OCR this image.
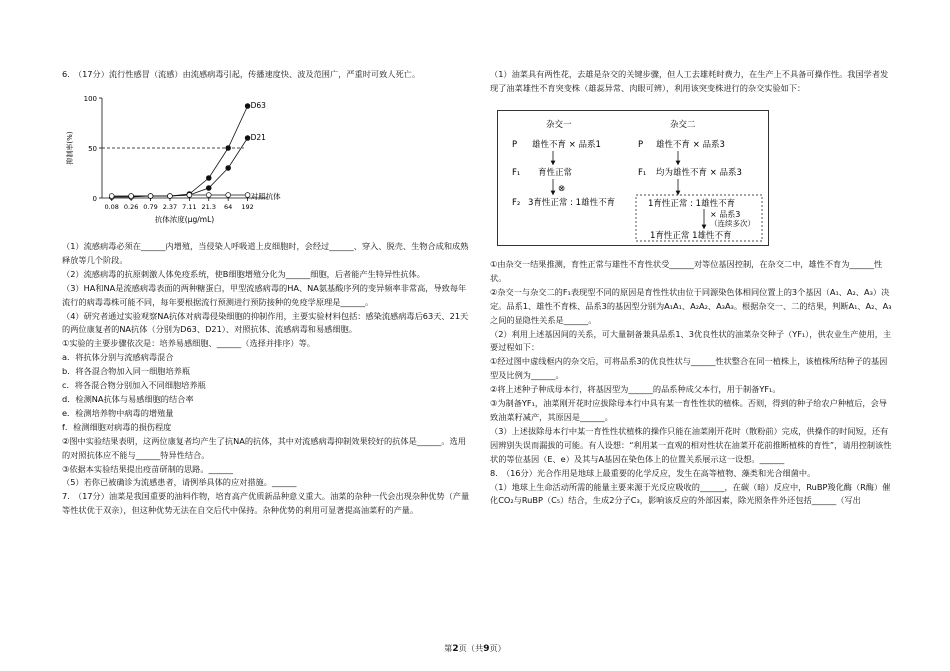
6.　（17分）流行性感冒（流感）由流感病毒引起，传播速度快、波及范围广，严重时可致人死亡。

100
50
0
0.08 0.26 0.79 2.37 7.11 21.3 64 192
抑制率(%)
抗体浓度(μg/mL)
D63
D21
对照抗体

（1）流感病毒必须在______内增殖，当侵染人呼吸道上皮细胞时，会经过______、穿入、脱壳、生物合成和成熟释放等几个阶段。

（2）流感病毒的抗原刺激人体免疫系统，使B细胞增殖分化为______细胞，后者能产生特异性抗体。

（3）HA和NA是流感病毒表面的两种糖蛋白，甲型流感病毒的HA、NA氨基酸序列的变异频率非常高，导致每年流行的病毒毒株可能不同，每年要根据流行预测进行预防接种的免疫学原理是______。

（4）研究者通过实验观察NA抗体对病毒侵染细胞的抑制作用，主要实验材料包括：感染流感病毒后63天、21天的两位康复者的NA抗体（分别为D63、D21）、对照抗体、流感病毒和易感细胞。

①实验的主要步骤依次是：培养易感细胞、______（选择并排序）等。

a．将抗体分别与流感病毒混合

b．将各混合物加入同一细胞培养瓶

c．将各混合物分别加入不同细胞培养瓶

d．检测NA抗体与易感细胞的结合率

e．检测培养物中病毒的增殖量

f．检测细胞对病毒的损伤程度

②图中实验结果表明，这两位康复者均产生了抗NA的抗体，其中对流感病毒抑制效果较好的抗体是______。选用的对照抗体应不能与______特异性结合。

③依据本实验结果提出疫苗研制的思路。______

（5）若你已被确诊为流感患者，请例举具体的应对措施。______

7.　（17分）油菜是我国重要的油料作物，培育高产优质新品种意义重大。油菜的杂种一代会出现杂种优势（产量等性状优于双亲），但这种优势无法在自交后代中保持。杂种优势的利用可显著提高油菜籽的产量。

（1）油菜具有两性花，去雄是杂交的关键步骤，但人工去雄耗时费力，在生产上不具备可操作性。我国学者发现了油菜雄性不育突变株（雄蕊异常、肉眼可辨），利用该突变株进行的杂交实验如下：

杂交一	杂交二
P	P
雄性不育 × 品系1	雄性不育 × 品系3
F₁	F₁
育性正常	均为雄性不育 × 品系3
⊗
F₂ 3育性正常 : 1雄性不育	1育性正常 : 1雄性不育
× 品系3
（连续多次）
1育性正常 1雄性不育

①由杂交一结果推测，育性正常与雄性不育性状受______对等位基因控制，在杂交二中，雄性不育为______性状。

②杂交一与杂交二的F₁表现型不同的原因是育性性状由位于同源染色体相同位置上的3个基因（A₁、A₂、A₃）决定。品系1、雄性不育株、品系3的基因型分别为A₁A₁、A₂A₂、A₃A₃。根据杂交一、二的结果，判断A₁、A₂、A₃之间的显隐性关系是______。

（2）利用上述基因间的关系，可大量制备兼具品系1、3优良性状的油菜杂交种子（YF₁），供农业生产使用，主要过程如下：

①经过图中虚线框内的杂交后，可将品系3的优良性状与______性状整合在同一植株上，该植株所结种子的基因型及比例为______。

②将上述种子种成母本行，将基因型为______的品系种成父本行，用于制备YF₁。

③为制备YF₁，油菜刚开花时应拔除母本行中具有某一育性性状的植株。否则，得到的种子给农户种植后，会导致油菜籽减产，其原因是______。

（3）上述拔除母本行中某一育性性状植株的操作只能在油菜刚开花时（散粉前）完成，供操作的时间短，还有因辨别失误而漏拔的可能。有人设想：“利用某一直观的相对性状在油菜开花前推断植株的育性”，请用控制该性状的等位基因（E、e）及其与A基因在染色体上的位置关系展示这一设想。______

8.　（16分）光合作用是地球上最重要的化学反应，发生在高等植物、藻类和光合细菌中。

（1）地球上生命活动所需的能量主要来源于光反应吸收的______，在碳（暗）反应中，RuBP羧化酶（R酶）催化CO₂与RuBP（C₅）结合，生成2分子C₃，影响该反应的外部因素，除光照条件外还包括______（写出

第2页（共9页）
